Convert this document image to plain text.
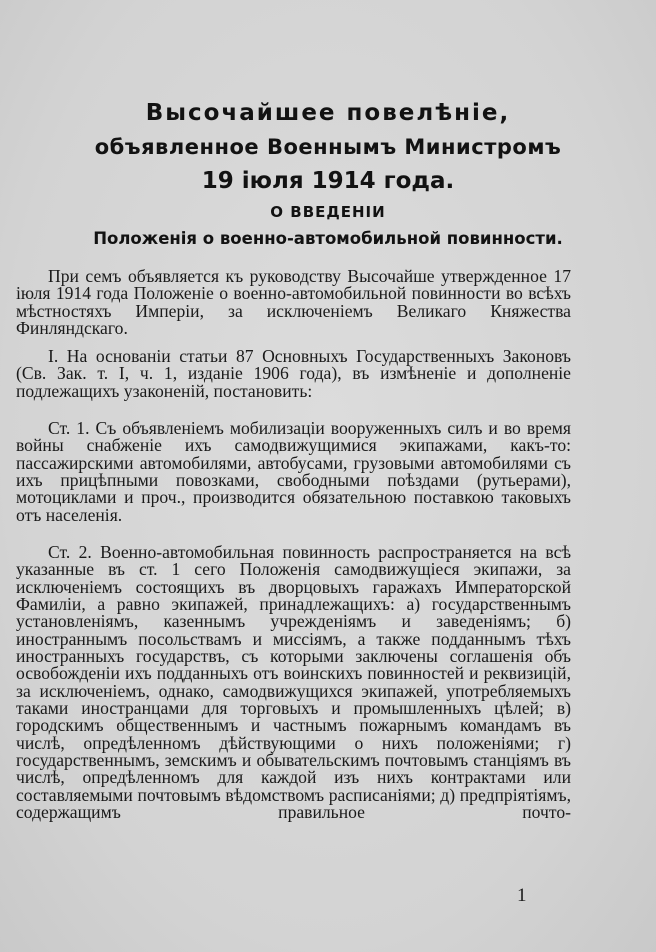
Высочайшее повелѣніе,
объявленное Военнымъ Министромъ
19 іюля 1914 года.
О ВВЕДЕНІИ
Положенія о военно-автомобильной повинности.

При семъ объявляется къ руководству Высочайше утвержденное 17 іюля 1914 года Положеніе о военно-автомобильной повинности во всѣхъ мѣстностяхъ Имперіи, за исключеніемъ Великаго Княжества Финляндскаго.

I. На основаніи статьи 87 Основныхъ Государственныхъ Законовъ (Св. Зак. т. I, ч. 1, изданіе 1906 года), въ измѣненіе и дополненіе подлежащихъ узаконеній, постановить:

Ст. 1. Съ объявленіемъ мобилизаціи вооруженныхъ силъ и во время войны снабженіе ихъ самодвижущимися экипажами, какъ-то: пассажирскими автомобилями, автобусами, грузовыми автомобилями съ ихъ прицѣпными повозками, свободными поѣздами (рутьерами), мотоциклами и проч., производится обязательною поставкою таковыхъ отъ населенія.

Ст. 2. Военно-автомобильная повинность распространяется на всѣ указанные въ ст. 1 сего Положенія самодвижущіеся экипажи, за исключеніемъ состоящихъ въ дворцовыхъ гаражахъ Императорской Фамиліи, а равно экипажей, принадлежащихъ: а) государственнымъ установленіямъ, казеннымъ учрежденіямъ и заведеніямъ; б) иностраннымъ посольствамъ и миссіямъ, а также подданнымъ тѣхъ иностранныхъ государствъ, съ которыми заключены соглашенія объ освобожденіи ихъ подданныхъ отъ воинскихъ повинностей и реквизицій, за исключеніемъ, однако, самодвижущихся экипажей, употребляемыхъ таками иностранцами для торговыхъ и промышленныхъ цѣлей; в) городскимъ общественнымъ и частнымъ пожарнымъ командамъ въ числѣ, опредѣленномъ дѣйствующими о нихъ положеніями; г) государственнымъ, земскимъ и обывательскимъ почтовымъ станціямъ въ числѣ, опредѣленномъ для каждой изъ нихъ контрактами или составляемыми почтовымъ вѣдомствомъ расписаніями; д) предпріятіямъ, содержащимъ правильное почто-

1
